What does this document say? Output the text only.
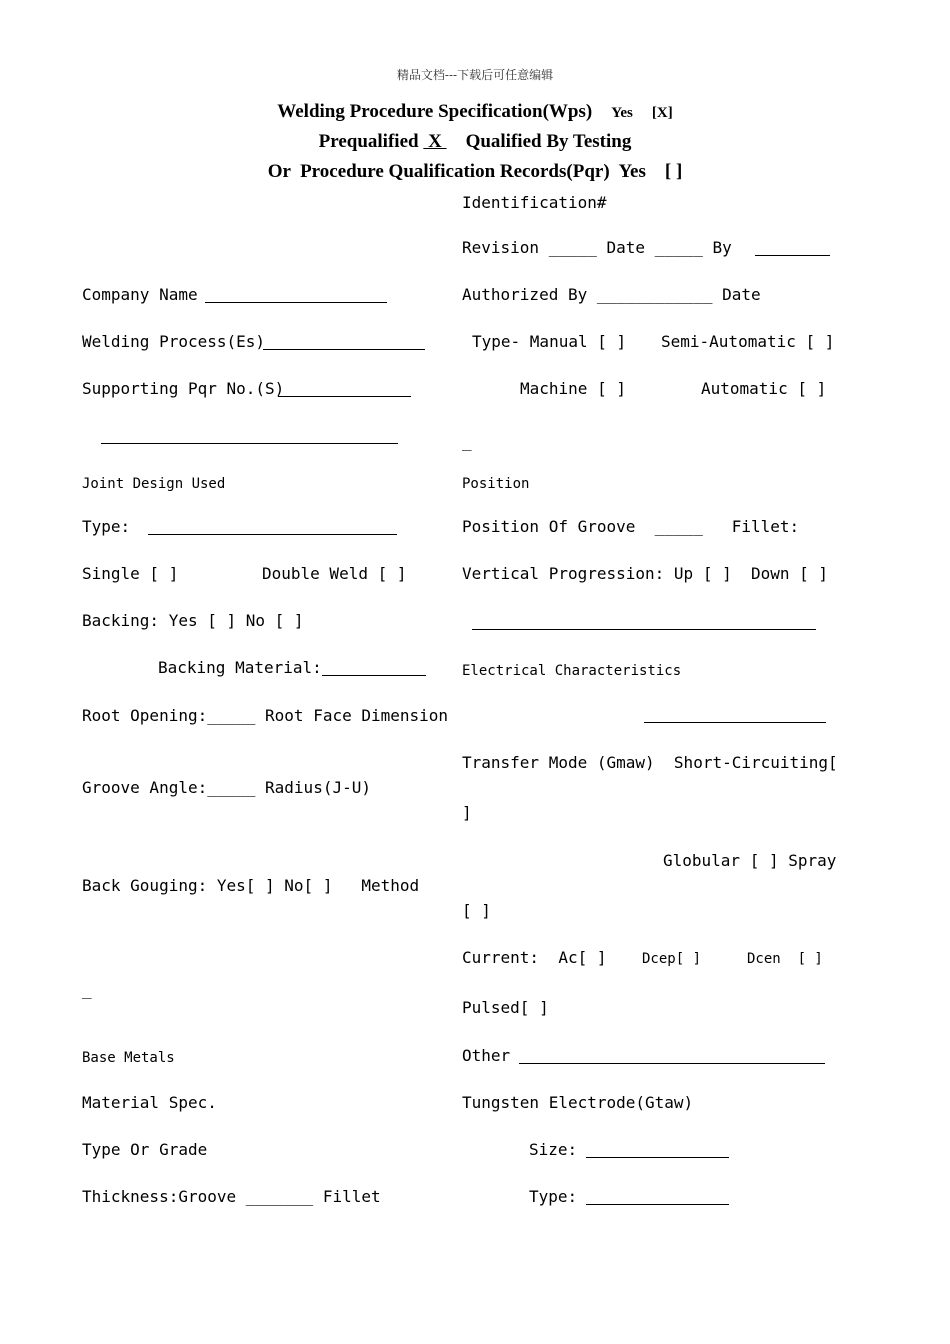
精品文档---下载后可任意编辑
Welding Procedure Specification(Wps) Yes [X]
Prequalified  X     Qualified By Testing
Or  Procedure Qualification Records(Pqr)  Yes [ ]
Identification#
Revision _____ Date _____ By
Authorized By ____________ Date
Type- Manual [ ] Semi-Automatic [ ]
Machine [ ]	Automatic [ ]
_
Position
Position Of Groove  _____   Fillet:
Vertical Progression: Up [ ]  Down [ ]
Electrical Characteristics
Transfer Mode (Gmaw)  Short-Circuiting[
]
Globular [ ] Spray
[ ]
Current:  Ac[ ]	Dcep[ ]	Dcen  [ ]
Pulsed[ ]
Other
Tungsten Electrode(Gtaw)
Size:
Type:
Company Name
Welding Process(Es)
Supporting Pqr No.(S)
Joint Design Used
Type:
Single [ ]	Double Weld [ ]
Backing: Yes [ ] No [ ]
Backing Material:
Root Opening:_____ Root Face Dimension
Groove Angle:_____ Radius(J-U)
Back Gouging: Yes[ ] No[ ]   Method
_
Base Metals
Material Spec.
Type Or Grade
Thickness:Groove _______ Fillet
